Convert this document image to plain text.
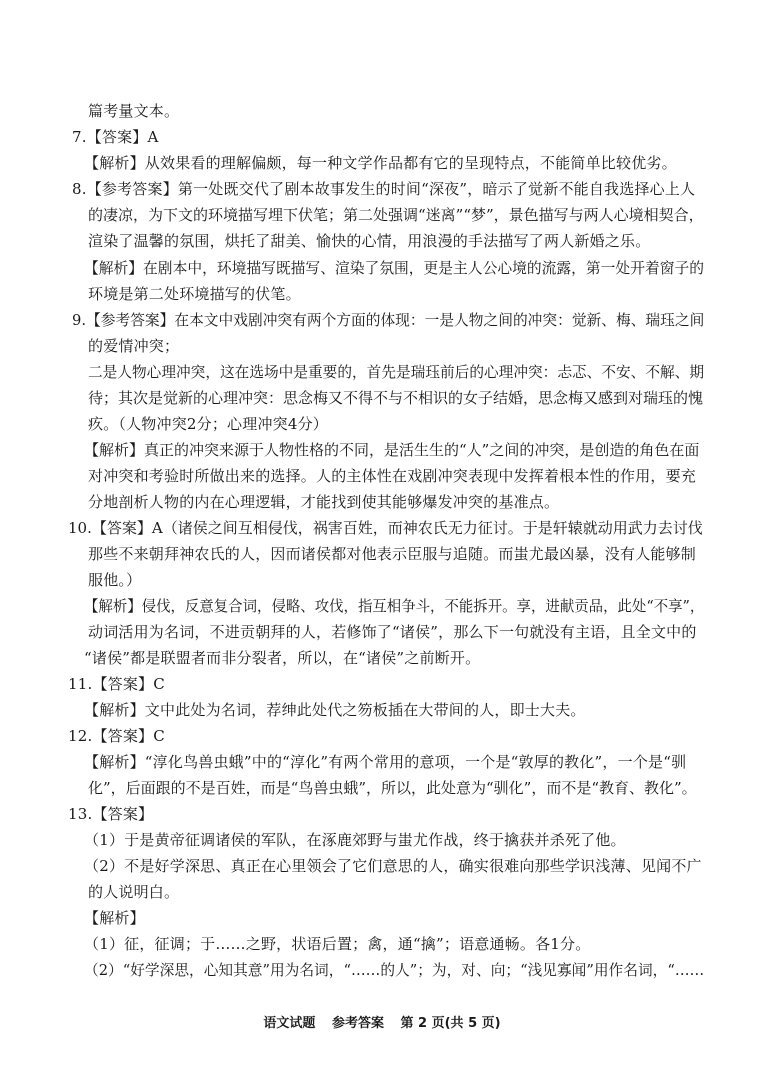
篇考量文本。
7.【答案】A
【解析】从效果看的理解偏颇，每一种文学作品都有它的呈现特点，不能简单比较优劣。
8.【参考答案】第一处既交代了剧本故事发生的时间“深夜”，暗示了觉新不能自我选择心上人
的凄凉，为下文的环境描写埋下伏笔；第二处强调“迷离”“梦”，景色描写与两人心境相契合，
渲染了温馨的氛围，烘托了甜美、愉快的心情，用浪漫的手法描写了两人新婚之乐。
【解析】在剧本中，环境描写既描写、渲染了氛围，更是主人公心境的流露，第一处开着窗子的
环境是第二处环境描写的伏笔。
9.【参考答案】在本文中戏剧冲突有两个方面的体现：一是人物之间的冲突：觉新、梅、瑞珏之间
的爱情冲突；
二是人物心理冲突，这在选场中是重要的，首先是瑞珏前后的心理冲突：忐忑、不安、不解、期
待；其次是觉新的心理冲突：思念梅又不得不与不相识的女子结婚，思念梅又感到对瑞珏的愧
疚。（人物冲突2分；心理冲突4分）
【解析】真正的冲突来源于人物性格的不同，是活生生的“人”之间的冲突，是创造的角色在面
对冲突和考验时所做出来的选择。人的主体性在戏剧冲突表现中发挥着根本性的作用，要充
分地剖析人物的内在心理逻辑，才能找到使其能够爆发冲突的基准点。
10.【答案】A（诸侯之间互相侵伐，祸害百姓，而神农氏无力征讨。于是轩辕就动用武力去讨伐
那些不来朝拜神农氏的人，因而诸侯都对他表示臣服与追随。而蚩尤最凶暴，没有人能够制
服他。）
【解析】侵伐，反意复合词，侵略、攻伐，指互相争斗，不能拆开。享，进献贡品，此处“不享”，
动词活用为名词，不进贡朝拜的人，若修饰了“诸侯”，那么下一句就没有主语，且全文中的
“诸侯”都是联盟者而非分裂者，所以，在“诸侯”之前断开。
11.【答案】C
【解析】文中此处为名词，荐绅此处代之笏板插在大带间的人，即士大夫。
12.【答案】C
【解析】“淳化鸟兽虫蛾”中的“淳化”有两个常用的意项，一个是“敦厚的教化”，一个是“驯
化”，后面跟的不是百姓，而是“鸟兽虫蛾”，所以，此处意为“驯化”，而不是“教育、教化”。
13.【答案】
（1）于是黄帝征调诸侯的军队，在涿鹿郊野与蚩尤作战，终于擒获并杀死了他。
（2）不是好学深思、真正在心里领会了它们意思的人，确实很难向那些学识浅薄、见闻不广
的人说明白。
【解析】
（1）征，征调；于……之野，状语后置；禽，通“擒”；语意通畅。各1分。
（2）“好学深思，心知其意”用为名词，“……的人”；为，对、向；“浅见寡闻”用作名词，“……
语文试题 参考答案 第 2 页(共 5 页)
